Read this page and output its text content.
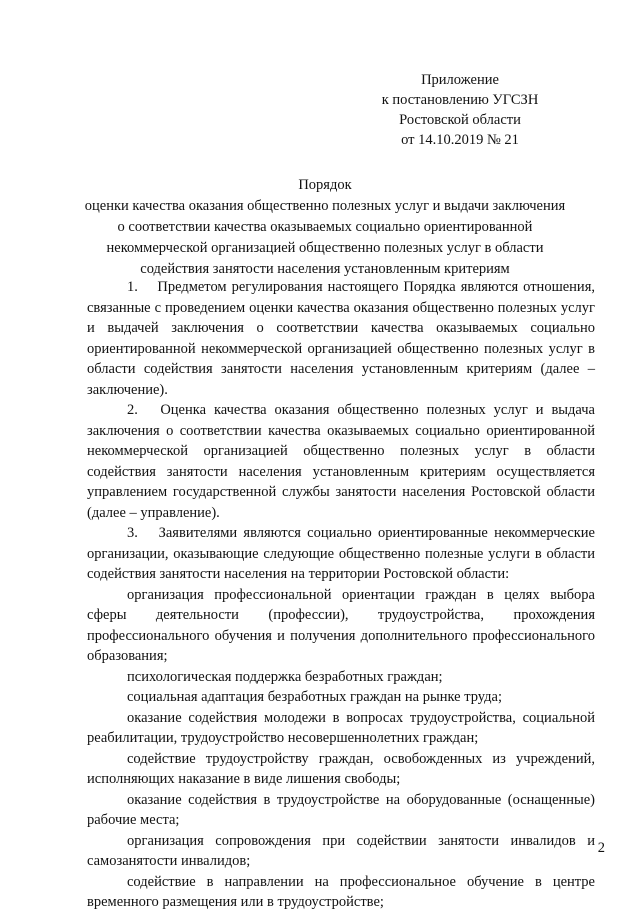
Приложение
к постановлению УГСЗН
Ростовской области
от 14.10.2019 № 21
Порядок
оценки качества оказания общественно полезных услуг и выдачи заключения
о соответствии качества оказываемых социально ориентированной
некоммерческой организацией общественно полезных услуг в области
содействия занятости населения установленным критериям

1.  Предметом регулирования настоящего Порядка являются отношения, связанные с проведением оценки качества оказания общественно полезных услуг и выдачей заключения о соответствии качества оказываемых социально ориентированной некоммерческой организацией общественно полезных услуг в области содействия занятости населения установленным критериям (далее – заключение).

2.  Оценка качества оказания общественно полезных услуг и выдача заключения о соответствии качества оказываемых социально ориентированной некоммерческой организацией общественно полезных услуг в области содействия занятости населения установленным критериям осуществляется управлением государственной службы занятости населения Ростовской области (далее – управление).

3.  Заявителями являются социально ориентированные некоммерческие организации, оказывающие следующие общественно полезные услуги в области содействия занятости населения на территории Ростовской области:

организация профессиональной ориентации граждан в целях выбора сферы деятельности (профессии), трудоустройства, прохождения профессионального обучения и получения дополнительного профессионального образования;

психологическая поддержка безработных граждан;

социальная адаптация безработных граждан на рынке труда;

оказание содействия молодежи в вопросах трудоустройства, социальной реабилитации, трудоустройство несовершеннолетних граждан;

содействие трудоустройству граждан, освобожденных из учреждений, исполняющих наказание в виде лишения свободы;

оказание содействия в трудоустройстве на оборудованные (оснащенные) рабочие места;

организация сопровождения при содействии занятости инвалидов и самозанятости инвалидов;

содействие в направлении на профессиональное обучение в центре временного размещения или в трудоустройстве;

2
